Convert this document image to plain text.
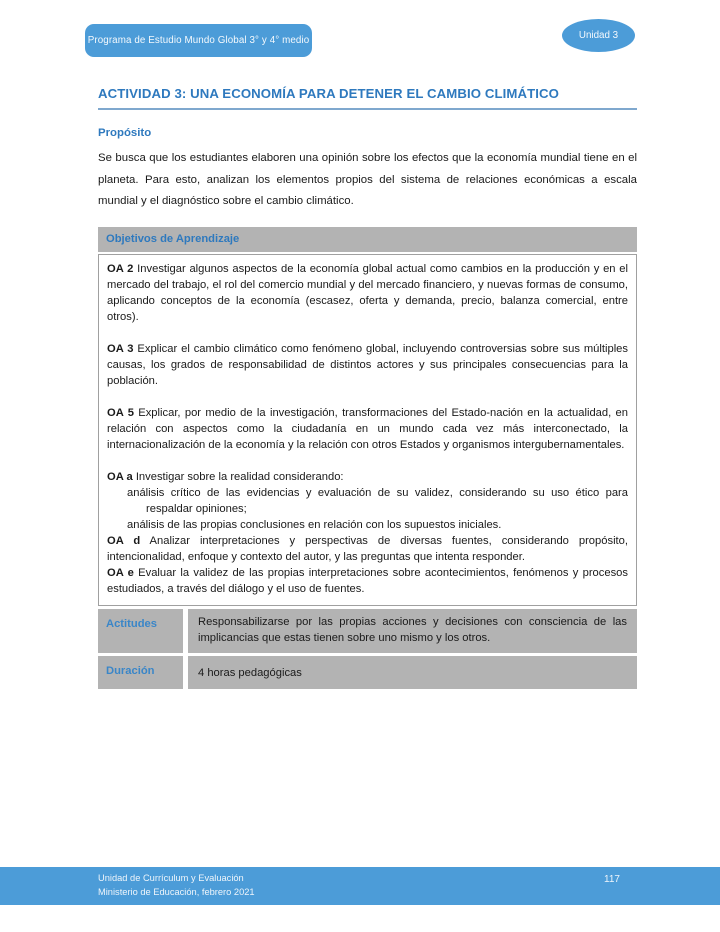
Programa de Estudio Mundo Global 3° y 4° medio	Unidad 3
ACTIVIDAD 3: UNA ECONOMÍA PARA DETENER EL CAMBIO CLIMÁTICO
Propósito

Se busca que los estudiantes elaboren una opinión sobre los efectos que la economía mundial tiene en el planeta. Para esto, analizan los elementos propios del sistema de relaciones económicas a escala mundial y el diagnóstico sobre el cambio climático.

Objetivos de Aprendizaje

OA 2 Investigar algunos aspectos de la economía global actual como cambios en la producción y en el mercado del trabajo, el rol del comercio mundial y del mercado financiero, y nuevas formas de consumo, aplicando conceptos de la economía (escasez, oferta y demanda, precio, balanza comercial, entre otros).

OA 3 Explicar el cambio climático como fenómeno global, incluyendo controversias sobre sus múltiples causas, los grados de responsabilidad de distintos actores y sus principales consecuencias para la población.

OA 5 Explicar, por medio de la investigación, transformaciones del Estado-nación en la actualidad, en relación con aspectos como la ciudadanía en un mundo cada vez más interconectado, la internacionalización de la economía y la relación con otros Estados y organismos intergubernamentales.

OA a Investigar sobre la realidad considerando:

análisis crítico de las evidencias y evaluación de su validez, considerando su uso ético para respaldar opiniones;
análisis de las propias conclusiones en relación con los supuestos iniciales.

OA d Analizar interpretaciones y perspectivas de diversas fuentes, considerando propósito, intencionalidad, enfoque y contexto del autor, y las preguntas que intenta responder.

OA e Evaluar la validez de las propias interpretaciones sobre acontecimientos, fenómenos y procesos estudiados, a través del diálogo y el uso de fuentes.

Actitudes	Responsabilizarse por las propias acciones y decisiones con consciencia de las implicancias que estas tienen sobre uno mismo y los otros.
Duración	4 horas pedagógicas
Unidad de Currículum y Evaluación
Ministerio de Educación, febrero 2021
117
